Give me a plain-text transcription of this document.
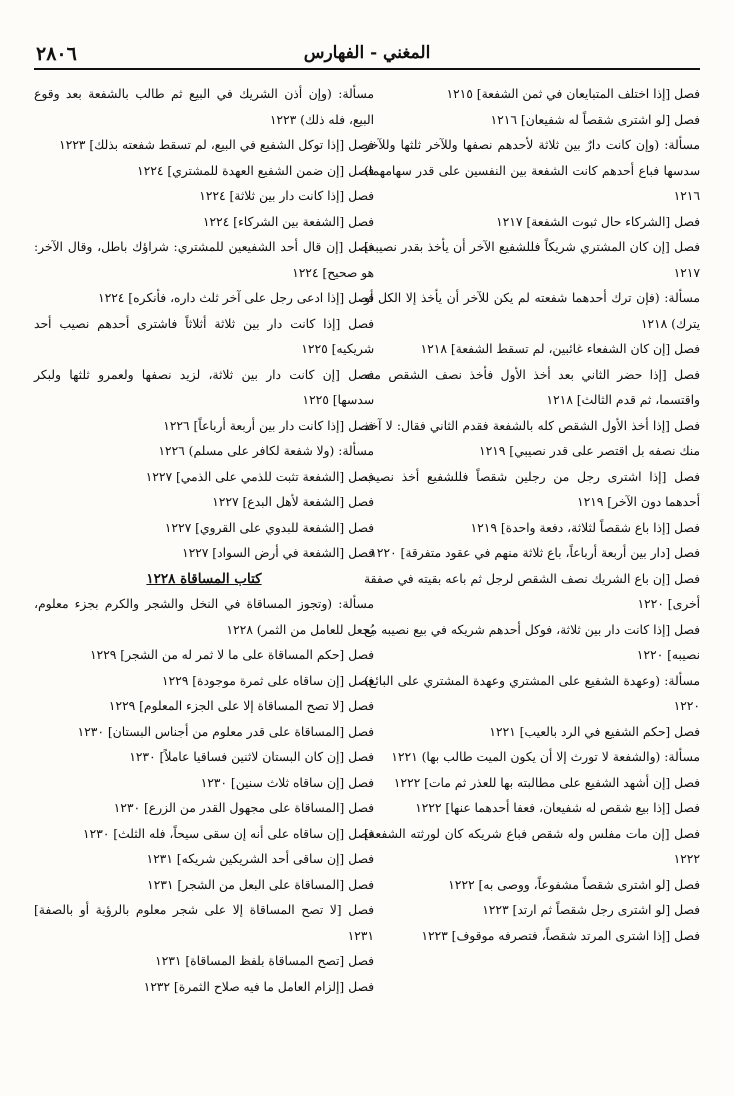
المغني - الفهارس
٢٨٠٦

فصل [إذا اختلف المتبايعان في ثمن الشفعة] ١٢١٥

فصل [لو اشترى شقصاً له شفيعان] ١٢١٦

مسألة: (وإن كانت دارٌ بين ثلاثة لأحدهم نصفها وللآخر ثلثها وللآخر سدسها فباع أحدهم كانت الشفعة بين النفسين على قدر سهامهما) ١٢١٦

فصل [الشركاء حال ثبوت الشفعة] ١٢١٧

فصل [إن كان المشتري شريكاً فللشفيع الآخر أن يأخذ بقدر نصيبه] ١٢١٧

مسألة: (فإن ترك أحدهما شفعته لم يكن للآخر أن يأخذ إلا الكل أو يترك) ١٢١٨

فصل [إن كان الشفعاء غائبين، لم تسقط الشفعة] ١٢١٨

فصل [إذا حضر الثاني بعد أخذ الأول فأخذ نصف الشقص منه واقتسما، ثم قدم الثالث] ١٢١٨

فصل [إذا أخذ الأول الشقص كله بالشفعة فقدم الثاني فقال: لا آخذ منك نصفه بل اقتصر على قدر نصيبي] ١٢١٩

فصل [إذا اشترى رجل من رجلين شقصاً فللشفيع أخذ نصيب أحدهما دون الآخر] ١٢١٩

فصل [إذا باع شقصاً لثلاثة، دفعة واحدة] ١٢١٩

فصل [دار بين أربعة أرباعاً، باع ثلاثة منهم في عقود متفرقة] ١٢٢٠

فصل [إن باع الشريك نصف الشقص لرجل ثم باعه بقيته في صفقة أخرى] ١٢٢٠

فصل [إذا كانت دار بين ثلاثة، فوكل أحدهم شريكه في بيع نصيبه مع نصيبه] ١٢٢٠

مسألة: (وعهدة الشفيع على المشتري وعهدة المشتري على البائع) ١٢٢٠

فصل [حكم الشفيع في الرد بالعيب] ١٢٢١

مسألة: (والشفعة لا تورث إلا أن يكون الميت طالب بها) ١٢٢١

فصل [إن أشهد الشفيع على مطالبته بها للعذر ثم مات] ١٢٢٢

فصل [إذا بيع شقص له شفيعان، فعفا أحدهما عنها] ١٢٢٢

فصل [إن مات مفلس وله شقص فباع شريكه كان لورثته الشفعة] ١٢٢٢

فصل [لو اشترى شقصاً مشفوعاً، ووصى به] ١٢٢٢

فصل [لو اشترى رجل شقصاً ثم ارتد] ١٢٢٣

فصل [إذا اشترى المرتد شقصاً، فتصرفه موقوف] ١٢٢٣

مسألة: (وإن أذن الشريك في البيع ثم طالب بالشفعة بعد وقوع البيع، فله ذلك) ١٢٢٣

فصل [إذا توكل الشفيع في البيع، لم تسقط شفعته بذلك] ١٢٢٣

فصل [إن ضمن الشفيع العهدة للمشتري] ١٢٢٤

فصل [إذا كانت دار بين ثلاثة] ١٢٢٤

فصل [الشفعة بين الشركاء] ١٢٢٤

فصل [إن قال أحد الشفيعين للمشتري: شراؤك باطل، وقال الآخر: هو صحيح] ١٢٢٤

فصل [إذا ادعى رجل على آخر ثلث داره، فأنكره] ١٢٢٤

فصل [إذا كانت دار بين ثلاثة أثلاثاً فاشترى أحدهم نصيب أحد شريكيه] ١٢٢٥

فصل [إن كانت دار بين ثلاثة، لزيد نصفها ولعمرو ثلثها ولبكر سدسها] ١٢٢٥

فصل [إذا كانت دار بين أربعة أرباعاً] ١٢٢٦

مسألة: (ولا شفعة لكافر على مسلم) ١٢٢٦

فصل [الشفعة تثبت للذمي على الذمي] ١٢٢٧

فصل [الشفعة لأهل البدع] ١٢٢٧

فصل [الشفعة للبدوي على القروي] ١٢٢٧

فصل [الشفعة في أرض السواد] ١٢٢٧

كتاب المساقاة ١٢٢٨

مسألة: (وتجوز المساقاة في النخل والشجر والكرم بجزء معلوم، يُجعل للعامل من الثمر) ١٢٢٨

فصل [حكم المساقاة على ما لا ثمر له من الشجر] ١٢٢٩

فصل [إن ساقاه على ثمرة موجودة] ١٢٢٩

فصل [لا تصح المساقاة إلا على الجزء المعلوم] ١٢٢٩

فصل [المساقاة على قدر معلوم من أجناس البستان] ١٢٣٠

فصل [إن كان البستان لاثنين فساقيا عاملاً] ١٢٣٠

فصل [إن ساقاه ثلاث سنين] ١٢٣٠

فصل [المساقاة على مجهول القدر من الزرع] ١٢٣٠

فصل [إن ساقاه على أنه إن سقى سيحاً، فله الثلث] ١٢٣٠

فصل [إن ساقى أحد الشريكين شريكه] ١٢٣١

فصل [المساقاة على البعل من الشجر] ١٢٣١

فصل [لا تصح المساقاة إلا على شجر معلوم بالرؤية أو بالصفة] ١٢٣١

فصل [تصح المساقاة بلفظ المساقاة] ١٢٣١

فصل [إلزام العامل ما فيه صلاح الثمرة] ١٢٣٢
